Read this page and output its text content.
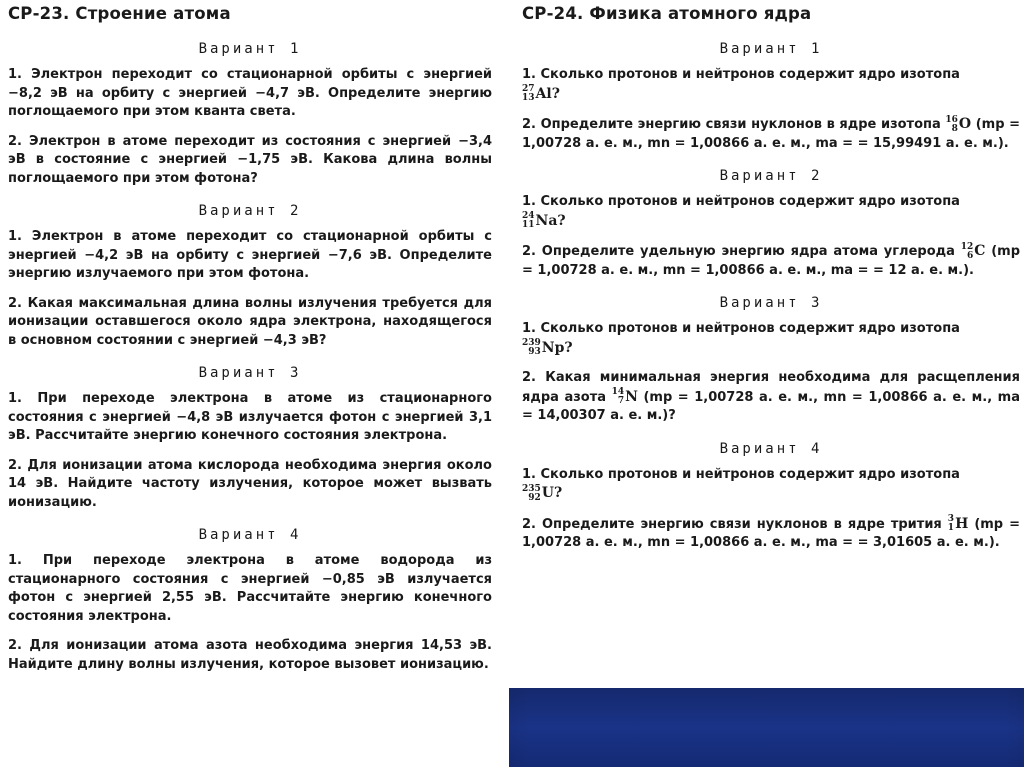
СР-23. Строение атома
Вариант 1
1. Электрон переходит со стационарной орбиты с энергией −8,2 эВ на орбиту с энергией −4,7 эВ. Определите энергию поглощаемого при этом кванта света.
2. Электрон в атоме переходит из состояния с энергией −3,4 эВ в состояние с энергией −1,75 эВ. Какова длина волны поглощаемого при этом фотона?
Вариант 2
1. Электрон в атоме переходит со стационарной орбиты с энергией −4,2 эВ на орбиту с энергией −7,6 эВ. Определите энергию излучаемого при этом фотона.
2. Какая максимальная длина волны излучения требуется для ионизации оставшегося около ядра электрона, находящегося в основном состоянии с энергией −4,3 эВ?
Вариант 3
1. При переходе электрона в атоме из стационарного состояния с энергией −4,8 эВ излучается фотон с энергией 3,1 эВ. Рассчитайте энергию конечного состояния электрона.
2. Для ионизации атома кислорода необходима энергия около 14 эВ. Найдите частоту излучения, которое может вызвать ионизацию.
Вариант 4
1. При переходе электрона в атоме водорода из стационарного состояния с энергией −0,85 эВ излучается фотон с энергией 2,55 эВ. Рассчитайте энергию конечного состояния электрона.
2. Для ионизации атома азота необходима энергия 14,53 эВ. Найдите длину волны излучения, которое вызовет ионизацию.
СР-24. Физика атомного ядра
Вариант 1
1. Сколько протонов и нейтронов содержит ядро изотопа

27
13 Al?
2. Определите энергию связи нуклонов в ядре изотопа 16
8 O (mp = 1,00728 а. е. м., mn = 1,00866 а. е. м., mа = = 15,99491 а. е. м.).
Вариант 2
1. Сколько протонов и нейтронов содержит ядро изотопа

24
11 Na?
2. Определите удельную энергию ядра атома углерода 12
6 C (mp = 1,00728 а. е. м., mn = 1,00866 а. е. м., mа = = 12 а. е. м.).
Вариант 3
1. Сколько протонов и нейтронов содержит ядро изотопа

239
93 Np?
2. Какая минимальная энергия необходима для расщепления ядра азота 14
7 N (mp = 1,00728 а. е. м., mn = 1,00866 а. е. м., mа = 14,00307 а. е. м.)?
Вариант 4
1. Сколько протонов и нейтронов содержит ядро изотопа

235
92 U?
2. Определите энергию связи нуклонов в ядре трития 3
1 H (mp = 1,00728 а. е. м., mn = 1,00866 а. е. м., mа = = 3,01605 а. е. м.).
